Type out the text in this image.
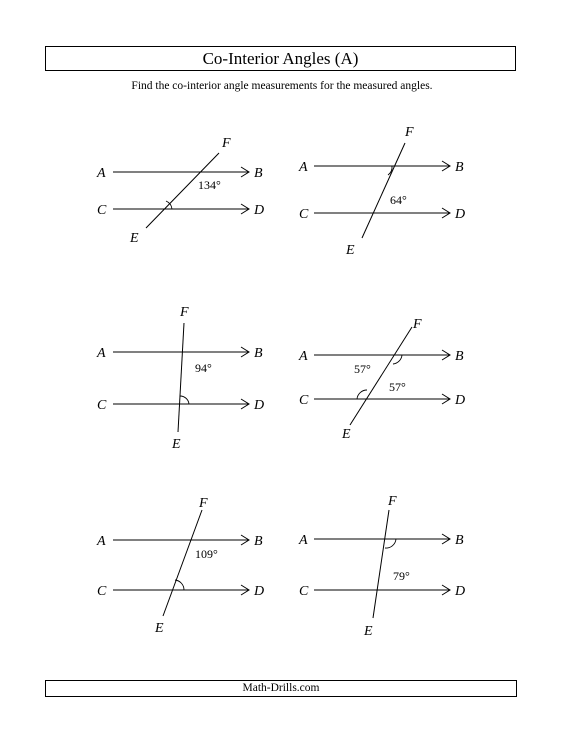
Co-Interior Angles (A)
Find the co-interior angle measurements for the measured angles.
A	B
C	D
E
F
134°
A	B
C	D
E
F
64°
A	B
C	D
E
F
94°
A	B
C	D
E
F
57°
57°
A	B
C	D
E
F
109°
A	B
C	D
E
F
79°
Math-Drills.com
